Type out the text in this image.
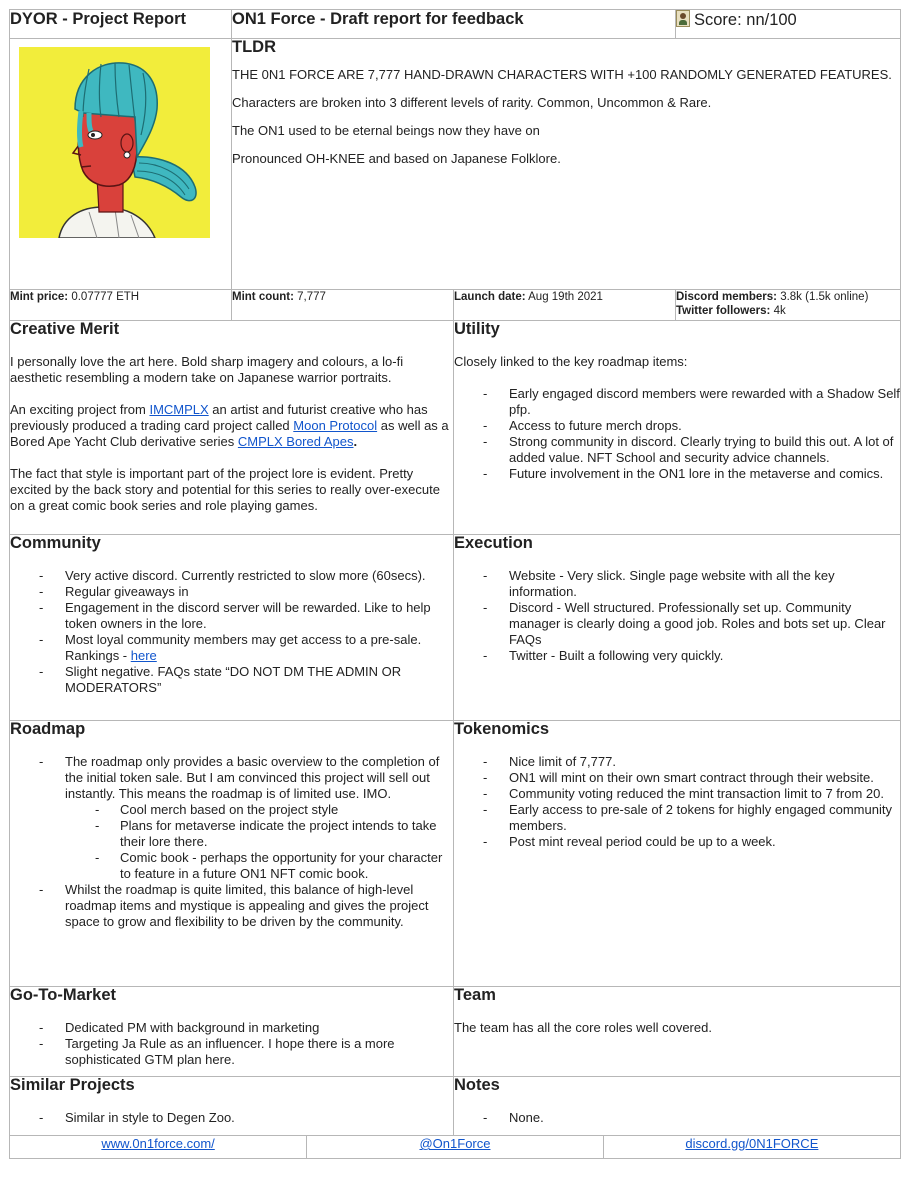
DYOR - Project Report	ON1 Force - Draft report for feedback	Score: nn/100

TLDR

THE 0N1 FORCE ARE 7,777 HAND-DRAWN CHARACTERS WITH +100 RANDOMLY GENERATED FEATURES.

Characters are broken into 3 different levels of rarity. Common, Uncommon & Rare.

The ON1 used to be eternal beings now they have on

Pronounced OH-KNEE and based on Japanese Folklore.

Mint price: 0.07777 ETH	Mint count: 7,777	Launch date: Aug 19th 2021	Discord members: 3.8k (1.5k online)
Twitter followers: 4k

Creative Merit

I personally love the art here. Bold sharp imagery and colours, a lo-fi aesthetic resembling a modern take on Japanese warrior portraits.

An exciting project from IMCMPLX an artist and futurist creative who has previously produced a trading card project called Moon Protocol as well as a Bored Ape Yacht Club derivative series CMPLX Bored Apes.

The fact that style is important part of the project lore is evident. Pretty excited by the back story and potential for this series to really over-execute on a great comic book series and role playing games.

Utility

Closely linked to the key roadmap items:

- Early engaged discord members were rewarded with a Shadow Self pfp.
- Access to future merch drops.
- Strong community in discord. Clearly trying to build this out. A lot of added value. NFT School and security advice channels.
- Future involvement in the ON1 lore in the metaverse and comics.

Community
- Very active discord. Currently restricted to slow more (60secs).
- Regular giveaways in
- Engagement in the discord server will be rewarded. Like to help token owners in the lore.
- Most loyal community members may get access to a pre-sale. Rankings - here
- Slight negative. FAQs state “DO NOT DM THE ADMIN OR MODERATORS”

Execution
- Website - Very slick. Single page website with all the key information.
- Discord - Well structured. Professionally set up. Community manager is clearly doing a good job. Roles and bots set up. Clear FAQs
- Twitter - Built a following very quickly.

Roadmap
- The roadmap only provides a basic overview to the completion of the initial token sale. But I am convinced this project will sell out instantly. This means the roadmap is of limited use. IMO.
- Cool merch based on the project style
- Plans for metaverse indicate the project intends to take their lore there.
- Comic book - perhaps the opportunity for your character to feature in a future ON1 NFT comic book.
- Whilst the roadmap is quite limited, this balance of high-level roadmap items and mystique is appealing and gives the project space to grow and flexibility to be driven by the community.

Tokenomics
- Nice limit of 7,777.
- ON1 will mint on their own smart contract through their website.
- Community voting reduced the mint transaction limit to 7 from 20.
- Early access to pre-sale of 2 tokens for highly engaged community members.
- Post mint reveal period could be up to a week.

Go-To-Market
- Dedicated PM with background in marketing
- Targeting Ja Rule as an influencer. I hope there is a more sophisticated GTM plan here.

Team

The team has all the core roles well covered.

Similar Projects
- Similar in style to Degen Zoo.

Notes
- None.

www.0n1force.com/	@On1Force	discord.gg/0N1FORCE
